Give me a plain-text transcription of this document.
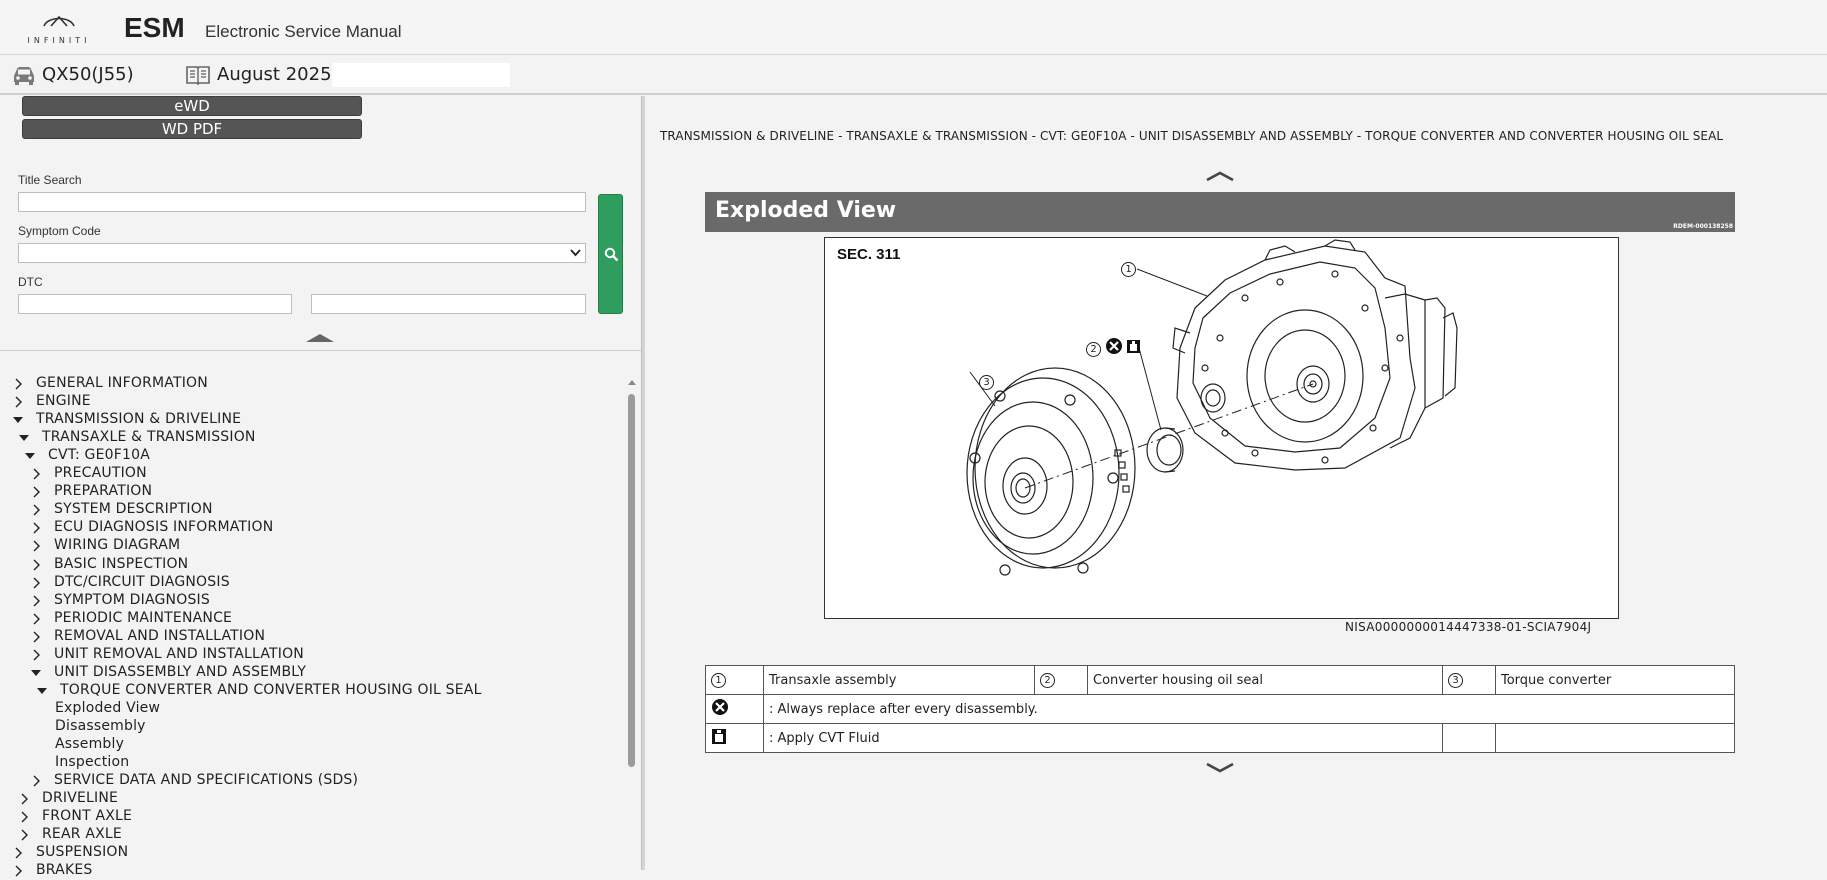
INFINITI	ESM Electronic Service Manual
QX50(J55)	August 2025
eWD
WD PDF
Title Search
Symptom Code
DTC
GENERAL INFORMATION
ENGINE
TRANSMISSION & DRIVELINE
TRANSAXLE & TRANSMISSION
CVT: GE0F10A
PRECAUTION
PREPARATION
SYSTEM DESCRIPTION
ECU DIAGNOSIS INFORMATION
WIRING DIAGRAM
BASIC INSPECTION
DTC/CIRCUIT DIAGNOSIS
SYMPTOM DIAGNOSIS
PERIODIC MAINTENANCE
REMOVAL AND INSTALLATION
UNIT REMOVAL AND INSTALLATION
UNIT DISASSEMBLY AND ASSEMBLY
TORQUE CONVERTER AND CONVERTER HOUSING OIL SEAL
Exploded View
Disassembly
Assembly
Inspection
SERVICE DATA AND SPECIFICATIONS (SDS)
DRIVELINE
FRONT AXLE
REAR AXLE
SUSPENSION
BRAKES
TRANSMISSION & DRIVELINE - TRANSAXLE & TRANSMISSION - CVT: GE0F10A - UNIT DISASSEMBLY AND ASSEMBLY - TORQUE CONVERTER AND CONVERTER HOUSING OIL SEAL
Exploded View
RDEM-000138258
SEC. 311
1
2
3
NISA0000000014447338-01-SCIA7904J
1	Transaxle assembly	2	Converter housing oil seal	3	Torque converter
	: Always replace after every disassembly.				
	: Apply CVT Fluid				
